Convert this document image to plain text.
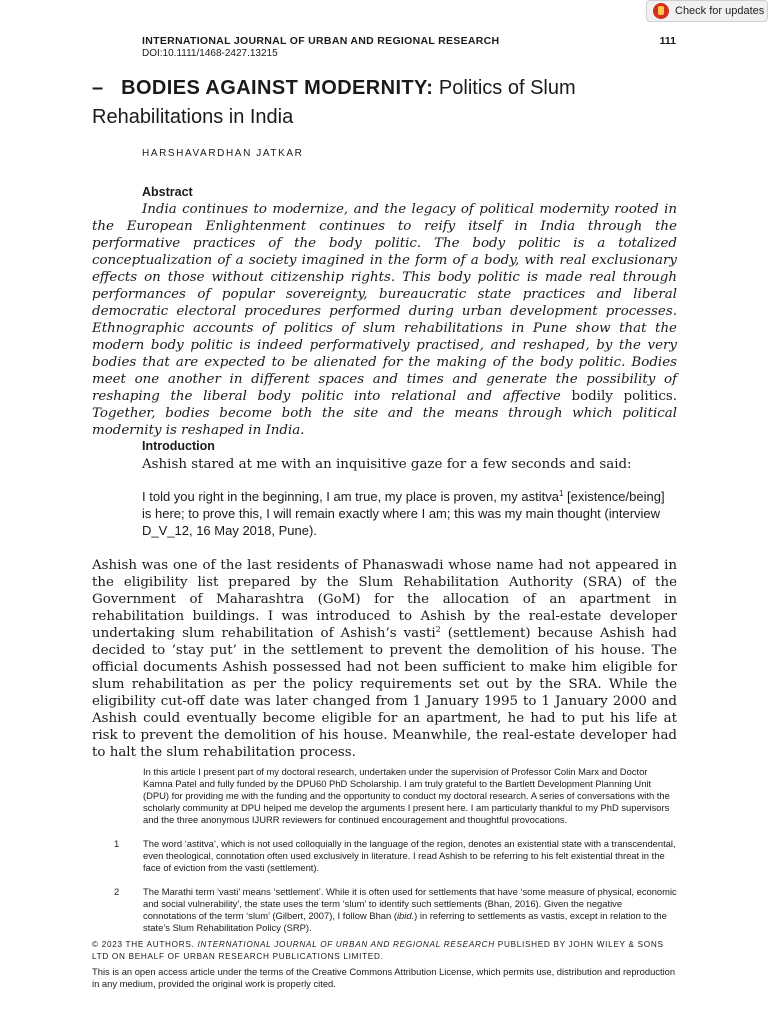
Check for updates
INTERNATIONAL JOURNAL OF URBAN AND REGIONAL RESEARCH
DOI:10.1111/1468-2427.13215
111
– BODIES AGAINST MODERNITY: Politics of Slum Rehabilitations in India
HARSHAVARDHAN JATKAR
Abstract

India continues to modernize, and the legacy of political modernity rooted in the European Enlightenment continues to reify itself in India through the performative practices of the body politic. The body politic is a totalized conceptualization of a society imagined in the form of a body, with real exclusionary effects on those without citizenship rights. This body politic is made real through performances of popular sovereignty, bureaucratic state practices and liberal democratic electoral procedures performed during urban development processes. Ethnographic accounts of politics of slum rehabilitations in Pune show that the modern body politic is indeed performatively practised, and reshaped, by the very bodies that are expected to be alienated for the making of the body politic. Bodies meet one another in different spaces and times and generate the possibility of reshaping the liberal body politic into relational and affective bodily politics. Together, bodies become both the site and the means through which political modernity is reshaped in India.

Introduction

Ashish stared at me with an inquisitive gaze for a few seconds and said:

I told you right in the beginning, I am true, my place is proven, my astitva$^1$ [existence/being] is here; to prove this, I will remain exactly where I am; this was my main thought (interview D_V_12, 16 May 2018, Pune).

Ashish was one of the last residents of Phanaswadi whose name had not appeared in the eligibility list prepared by the Slum Rehabilitation Authority (SRA) of the Government of Maharashtra (GoM) for the allocation of an apartment in rehabilitation buildings. I was introduced to Ashish by the real-estate developer undertaking slum rehabilitation of Ashish’s vasti$^2$ (settlement) because Ashish had decided to ‘stay put’ in the settlement to prevent the demolition of his house. The official documents Ashish possessed had not been sufficient to make him eligible for slum rehabilitation as per the policy requirements set out by the SRA. While the eligibility cut-off date was later changed from 1 January 1995 to 1 January 2000 and Ashish could eventually become eligible for an apartment, he had to put his life at risk to prevent the demolition of his house. Meanwhile, the real-estate developer had to halt the slum rehabilitation process.

In this article I present part of my doctoral research, undertaken under the supervision of Professor Colin Marx and Doctor Kamna Patel and fully funded by the DPU60 PhD Scholarship. I am truly grateful to the Bartlett Development Planning Unit (DPU) for providing me with the funding and the opportunity to conduct my doctoral research. A series of conversations with the scholarly community at DPU helped me develop the arguments I present here. I am particularly thankful to my PhD supervisors and the three anonymous IJURR reviewers for continued encouragement and thoughtful provocations.

1	The word ‘astitva’, which is not used colloquially in the language of the region, denotes an existential state with a transcendental, even theological, connotation often used exclusively in literature. I read Ashish to be referring to his felt existential threat in the face of eviction from the vasti (settlement).

2	The Marathi term ‘vasti’ means ‘settlement’. While it is often used for settlements that have ‘some measure of physical, economic and social vulnerability’, the state uses the term ‘slum’ to identify such settlements (Bhan, 2016). Given the negative connotations of the term ‘slum’ (Gilbert, 2007), I follow Bhan (ibid.) in referring to settlements as vastis, except in relation to the state’s Slum Rehabilitation Policy (SRP).

© 2023 THE AUTHORS. INTERNATIONAL JOURNAL OF URBAN AND REGIONAL RESEARCH PUBLISHED BY JOHN WILEY & SONS LTD ON BEHALF OF URBAN RESEARCH PUBLICATIONS LIMITED.

This is an open access article under the terms of the Creative Commons Attribution License, which permits use, distribution and reproduction in any medium, provided the original work is properly cited.
